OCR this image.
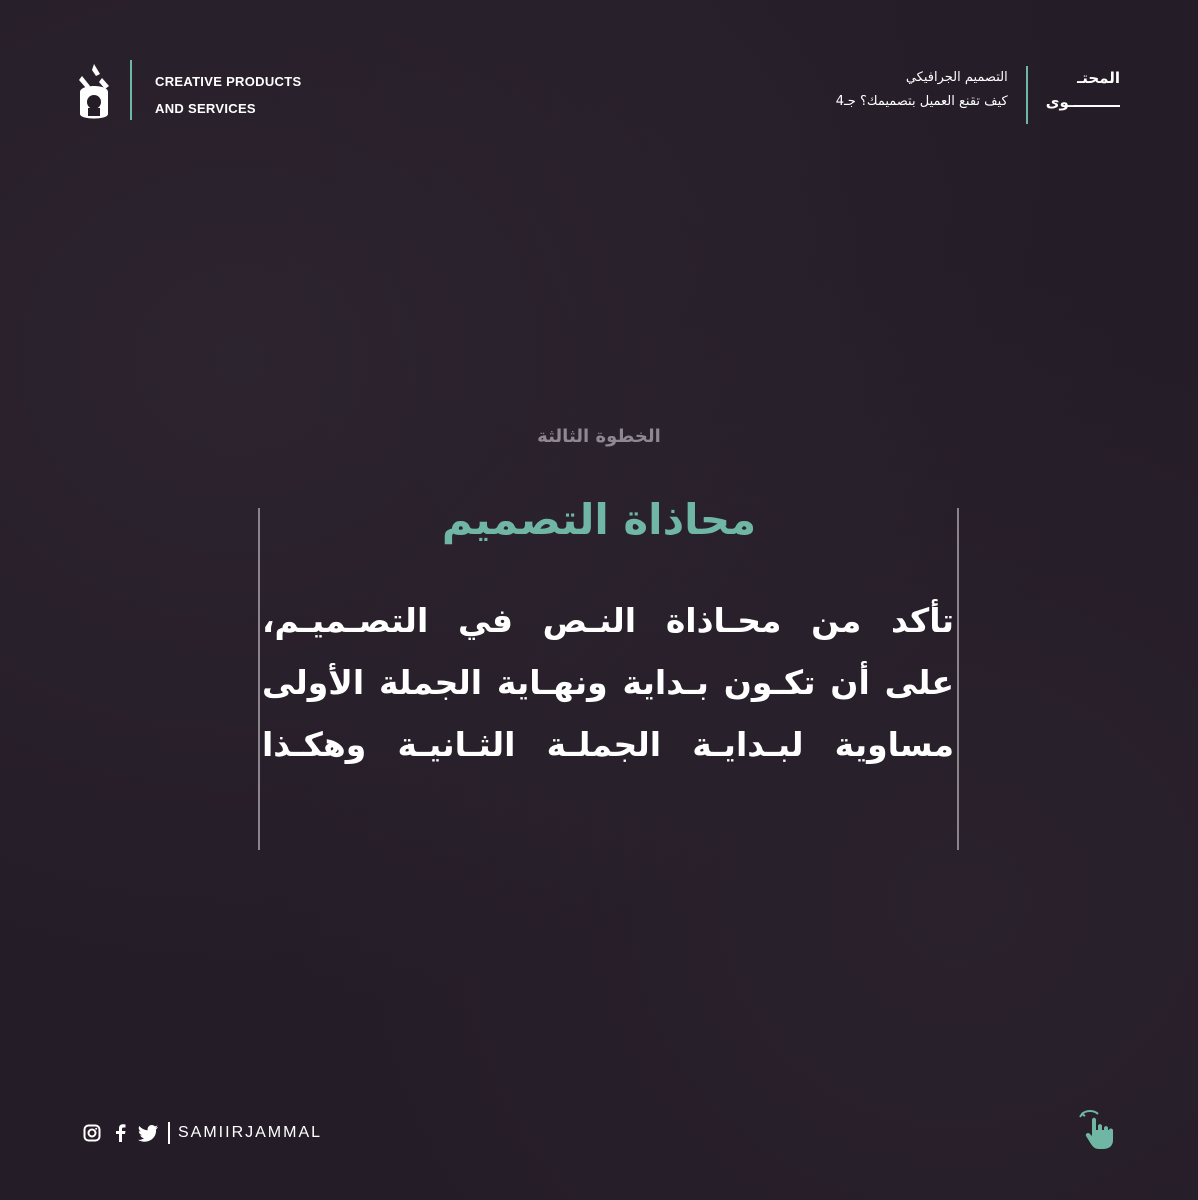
CREATIVE PRODUCTS
AND SERVICES
المحتـ
ـوى
التصميم الجرافيكي
كيف تقنع العميل بتصميمك؟ جـ4
الخطوة الثالثة
محاذاة التصميم
تأكد من محـاذاة النـص في التصـميـم،
على أن تكـون بـداية ونهـاية الجملة الأولى
مساوية لبـدايـة الجملـة الثـانيـة وهكـذا
SAMIIRJAMMAL
